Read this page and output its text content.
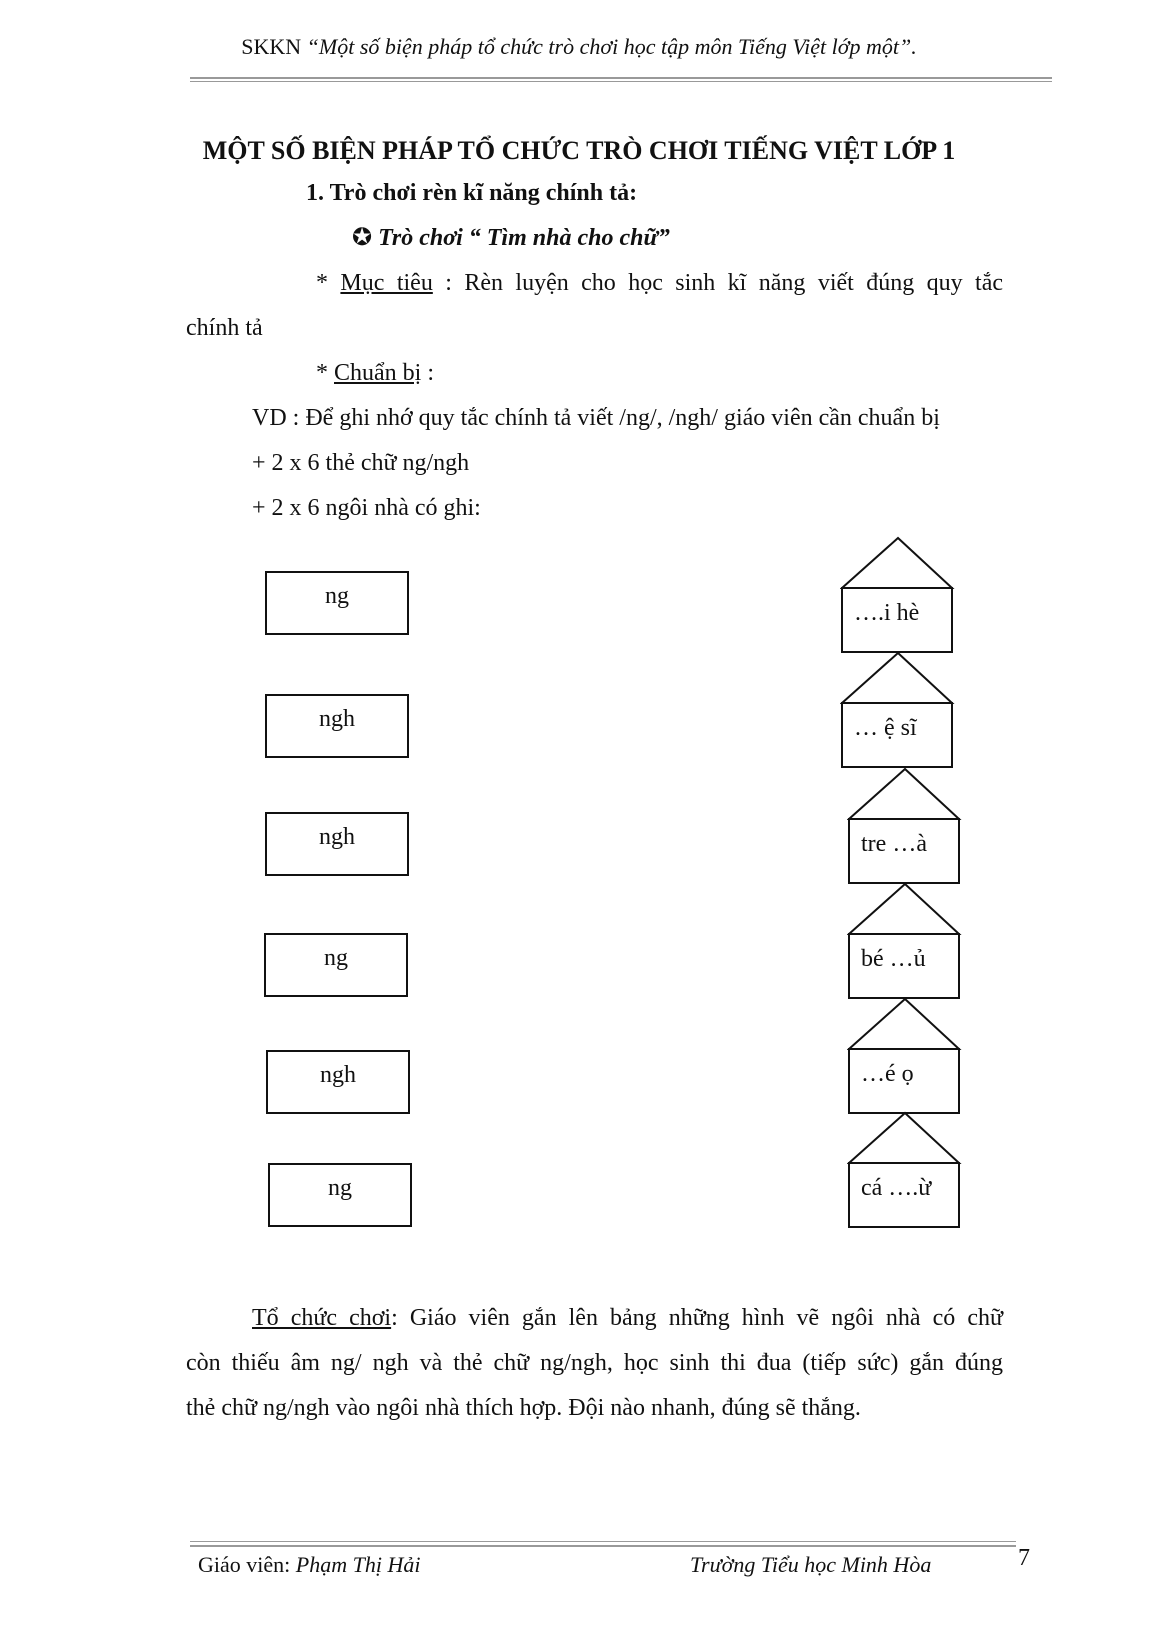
SKKN “Một số biện pháp tổ chức trò chơi học tập môn Tiếng Việt lớp một”.
MỘT SỐ BIỆN PHÁP TỔ CHỨC TRÒ CHƠI TIẾNG VIỆT LỚP 1
1. Trò chơi rèn kĩ năng chính tả:
✪ Trò chơi “ Tìm nhà cho chữ”
* Mục tiêu : Rèn luyện cho học sinh kĩ năng viết đúng quy tắc
chính tả
* Chuẩn bị :
VD : Để ghi nhớ quy tắc chính tả viết /ng/, /ngh/ giáo viên cần chuẩn bị
+ 2 x 6 thẻ chữ ng/ngh
+ 2 x 6 ngôi nhà có ghi:
ng
ngh
ngh
ng
ngh
ng
….i hè
… ệ sĩ
tre …à
bé …ủ
…é ọ
cá ….ừ
Tổ chức chơi: Giáo viên gắn lên bảng những hình vẽ ngôi nhà có chữ
còn thiếu âm ng/ ngh và thẻ chữ ng/ngh, học sinh thi đua (tiếp sức) gắn đúng
thẻ chữ ng/ngh vào ngôi nhà thích hợp. Đội nào nhanh, đúng sẽ thắng.
Giáo viên: Phạm Thị Hải	Trường Tiểu học Minh Hòa	7
